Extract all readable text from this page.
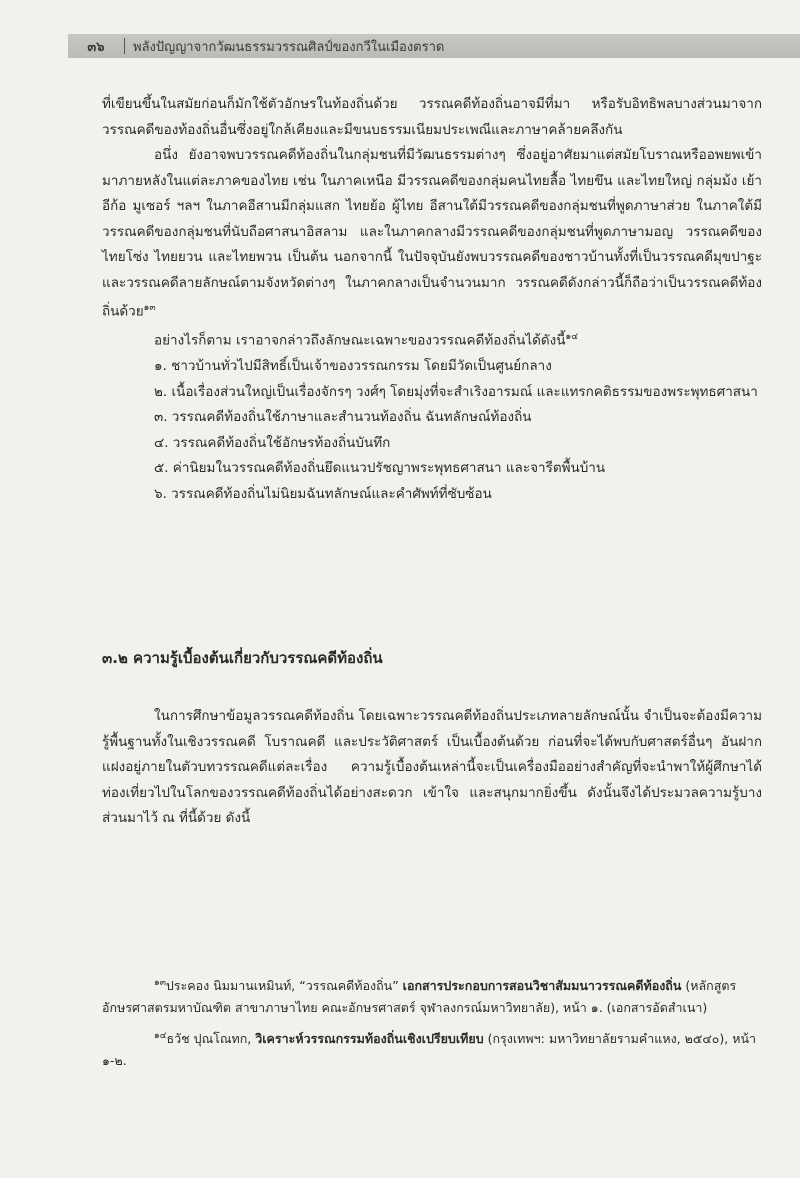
๓๖	พลังปัญญาจากวัฒนธรรมวรรณศิลป์ของกวีในเมืองตราด

ที่เขียนขึ้นในสมัยก่อนก็มักใช้ตัวอักษรในท้องถิ่นด้วย วรรณคดีท้องถิ่นอาจมีที่มา หรือรับอิทธิพลบางส่วนมาจากวรรณคดีของท้องถิ่นอื่นซึ่งอยู่ใกล้เคียงและมีขนบธรรมเนียมประเพณีและภาษาคล้ายคลึงกัน

อนึ่ง ยังอาจพบวรรณคดีท้องถิ่นในกลุ่มชนที่มีวัฒนธรรมต่างๆ ซึ่งอยู่อาศัยมาแต่สมัยโบราณหรืออพยพเข้ามาภายหลังในแต่ละภาคของไทย เช่น ในภาคเหนือ มีวรรณคดีของกลุ่มคนไทยลื้อ ไทยขึน และไทยใหญ่ กลุ่มม้ง เย้า อีก้อ มูเซอร์ ฯลฯ ในภาคอีสานมีกลุ่มแสก ไทยย้อ ผู้ไทย อีสานใต้มีวรรณคดีของกลุ่มชนที่พูดภาษาส่วย ในภาคใต้มีวรรณคดีของกลุ่มชนที่นับถือศาสนาอิสลาม และในภาคกลางมีวรรณคดีของกลุ่มชนที่พูดภาษามอญ วรรณคดีของไทยโซ่ง ไทยยวน และไทยพวน เป็นต้น นอกจากนี้ ในปัจจุบันยังพบวรรณคดีของชาวบ้านทั้งที่เป็นวรรณคดีมุขปาฐะและวรรณคดีลายลักษณ์ตามจังหวัดต่างๆ ในภาคกลางเป็นจำนวนมาก วรรณคดีดังกล่าวนี้ก็ถือว่าเป็นวรรณคดีท้องถิ่นด้วย$^{๑๓}$

อย่างไรก็ตาม เราอาจกล่าวถึงลักษณะเฉพาะของวรรณคดีท้องถิ่นได้ดังนี้$^{๑๔}$

๑. ชาวบ้านทั่วไปมีสิทธิ์เป็นเจ้าของวรรณกรรม โดยมีวัดเป็นศูนย์กลาง
๒. เนื้อเรื่องส่วนใหญ่เป็นเรื่องจักรๆ วงศ์ๆ โดยมุ่งที่จะสำเริงอารมณ์ และแทรกคติธรรมของพระพุทธศาสนา
๓. วรรณคดีท้องถิ่นใช้ภาษาและสำนวนท้องถิ่น ฉันทลักษณ์ท้องถิ่น
๔. วรรณคดีท้องถิ่นใช้อักษรท้องถิ่นบันทึก
๕. ค่านิยมในวรรณคดีท้องถิ่นยึดแนวปรัชญาพระพุทธศาสนา และจารีตพื้นบ้าน
๖. วรรณคดีท้องถิ่นไม่นิยมฉันทลักษณ์และคำศัพท์ที่ซับซ้อน
๓.๒ ความรู้เบื้องต้นเกี่ยวกับวรรณคดีท้องถิ่น

ในการศึกษาข้อมูลวรรณคดีท้องถิ่น โดยเฉพาะวรรณคดีท้องถิ่นประเภทลายลักษณ์นั้น จำเป็นจะต้องมีความรู้พื้นฐานทั้งในเชิงวรรณคดี โบราณคดี และประวัติศาสตร์ เป็นเบื้องต้นด้วย ก่อนที่จะได้พบกับศาสตร์อื่นๆ อันฝากแฝงอยู่ภายในตัวบทวรรณคดีแต่ละเรื่อง ความรู้เบื้องต้นเหล่านี้จะเป็นเครื่องมืออย่างสำคัญที่จะนำพาให้ผู้ศึกษาได้ท่องเที่ยวไปในโลกของวรรณคดีท้องถิ่นได้อย่างสะดวก เข้าใจ และสนุกมากยิ่งขึ้น ดังนั้นจึงได้ประมวลความรู้บางส่วนมาไว้ ณ ที่นี้ด้วย ดังนี้

$^{๑๓}$ประคอง นิมมานเหมินท์, “วรรณคดีท้องถิ่น” เอกสารประกอบการสอนวิชาสัมมนาวรรณคดีท้องถิ่น (หลักสูตรอักษรศาสตรมหาบัณฑิต สาขาภาษาไทย คณะอักษรศาสตร์ จุฬาลงกรณ์มหาวิทยาลัย), หน้า ๑. (เอกสารอัดสำเนา)

$^{๑๔}$ธวัช ปุณโณทก, วิเคราะห์วรรณกรรมท้องถิ่นเชิงเปรียบเทียบ (กรุงเทพฯ: มหาวิทยาลัยรามคำแหง, ๒๕๔๐), หน้า ๑-๒.
